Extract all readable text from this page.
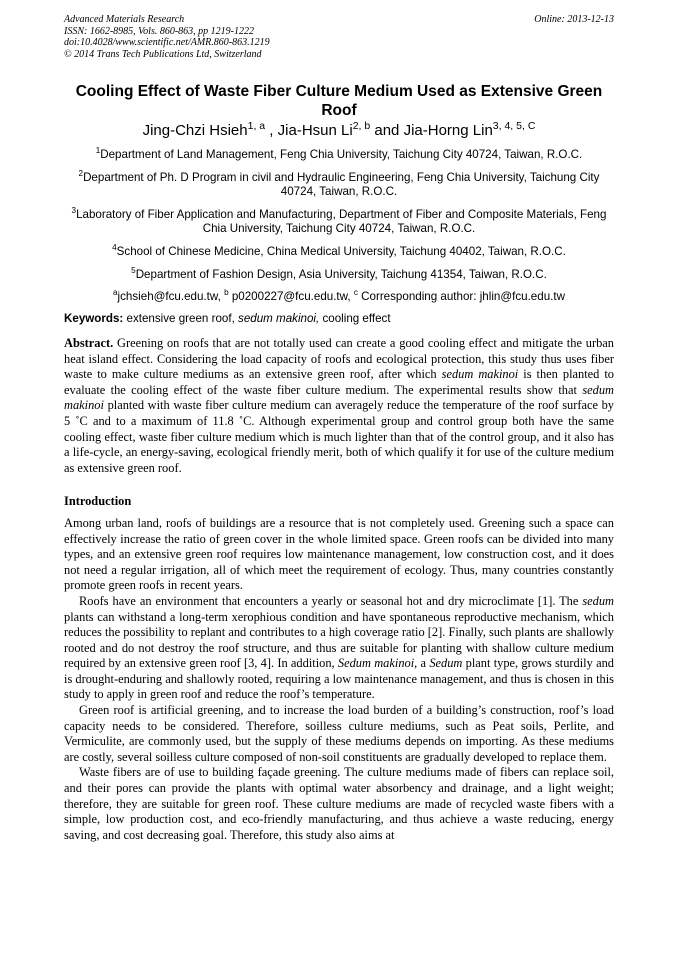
Advanced Materials Research
ISSN: 1662-8985, Vols. 860-863, pp 1219-1222
doi:10.4028/www.scientific.net/AMR.860-863.1219
© 2014 Trans Tech Publications Ltd, Switzerland
Online: 2013-12-13
Cooling Effect of Waste Fiber Culture Medium Used as Extensive Green Roof
Jing-Chzi Hsieh$^{1, a}$ , Jia-Hsun Li$^{2, b}$ and Jia-Horng Lin$^{3, 4, 5, C}$

$^1$Department of Land Management, Feng Chia University, Taichung City 40724, Taiwan, R.O.C.

$^2$Department of Ph. D Program in civil and Hydraulic Engineering, Feng Chia University, Taichung City 40724, Taiwan, R.O.C.

$^3$Laboratory of Fiber Application and Manufacturing, Department of Fiber and Composite Materials, Feng Chia University, Taichung City 40724, Taiwan, R.O.C.

$^4$School of Chinese Medicine, China Medical University, Taichung 40402, Taiwan, R.O.C.

$^5$Department of Fashion Design, Asia University, Taichung 41354, Taiwan, R.O.C.

$^a$jchsieh@fcu.edu.tw, $^b$ p0200227@fcu.edu.tw, $^c$ Corresponding author: jhlin@fcu.edu.tw

Keywords: extensive green roof, sedum makinoi, cooling effect

Abstract. Greening on roofs that are not totally used can create a good cooling effect and mitigate the urban heat island effect. Considering the load capacity of roofs and ecological protection, this study thus uses fiber waste to make culture mediums as an extensive green roof, after which sedum makinoi is then planted to evaluate the cooling effect of the waste fiber culture medium. The experimental results show that sedum makinoi planted with waste fiber culture medium can averagely reduce the temperature of the roof surface by 5 ˚C and to a maximum of 11.8 ˚C. Although experimental group and control group both have the same cooling effect, waste fiber culture medium which is much lighter than that of the control group, and it also has a life-cycle, an energy-saving, ecological friendly merit, both of which qualify it for use of the culture medium as extensive green roof.

Introduction

Among urban land, roofs of buildings are a resource that is not completely used. Greening such a space can effectively increase the ratio of green cover in the whole limited space. Green roofs can be divided into many types, and an extensive green roof requires low maintenance management, low construction cost, and it does not need a regular irrigation, all of which meet the requirement of ecology. Thus, many countries constantly promote green roofs in recent years.

Roofs have an environment that encounters a yearly or seasonal hot and dry microclimate [1]. The sedum plants can withstand a long-term xerophious condition and have spontaneous reproductive mechanism, which reduces the possibility to replant and contributes to a high coverage ratio [2]. Finally, such plants are shallowly rooted and do not destroy the roof structure, and thus are suitable for planting with shallow culture medium required by an extensive green roof [3, 4]. In addition, Sedum makinoi, a Sedum plant type, grows sturdily and is drought-enduring and shallowly rooted, requiring a low maintenance management, and thus is chosen in this study to apply in green roof and reduce the roof’s temperature.

Green roof is artificial greening, and to increase the load burden of a building’s construction, roof’s load capacity needs to be considered. Therefore, soilless culture mediums, such as Peat soils, Perlite, and Vermiculite, are commonly used, but the supply of these mediums depends on importing. As these mediums are costly, several soilless culture composed of non-soil constituents are gradually developed to replace them.

Waste fibers are of use to building façade greening. The culture mediums made of fibers can replace soil, and their pores can provide the plants with optimal water absorbency and drainage, and a light weight; therefore, they are suitable for green roof. These culture mediums are made of recycled waste fibers with a simple, low production cost, and eco-friendly manufacturing, and thus achieve a waste reducing, energy saving, and cost decreasing goal. Therefore, this study also aims at
